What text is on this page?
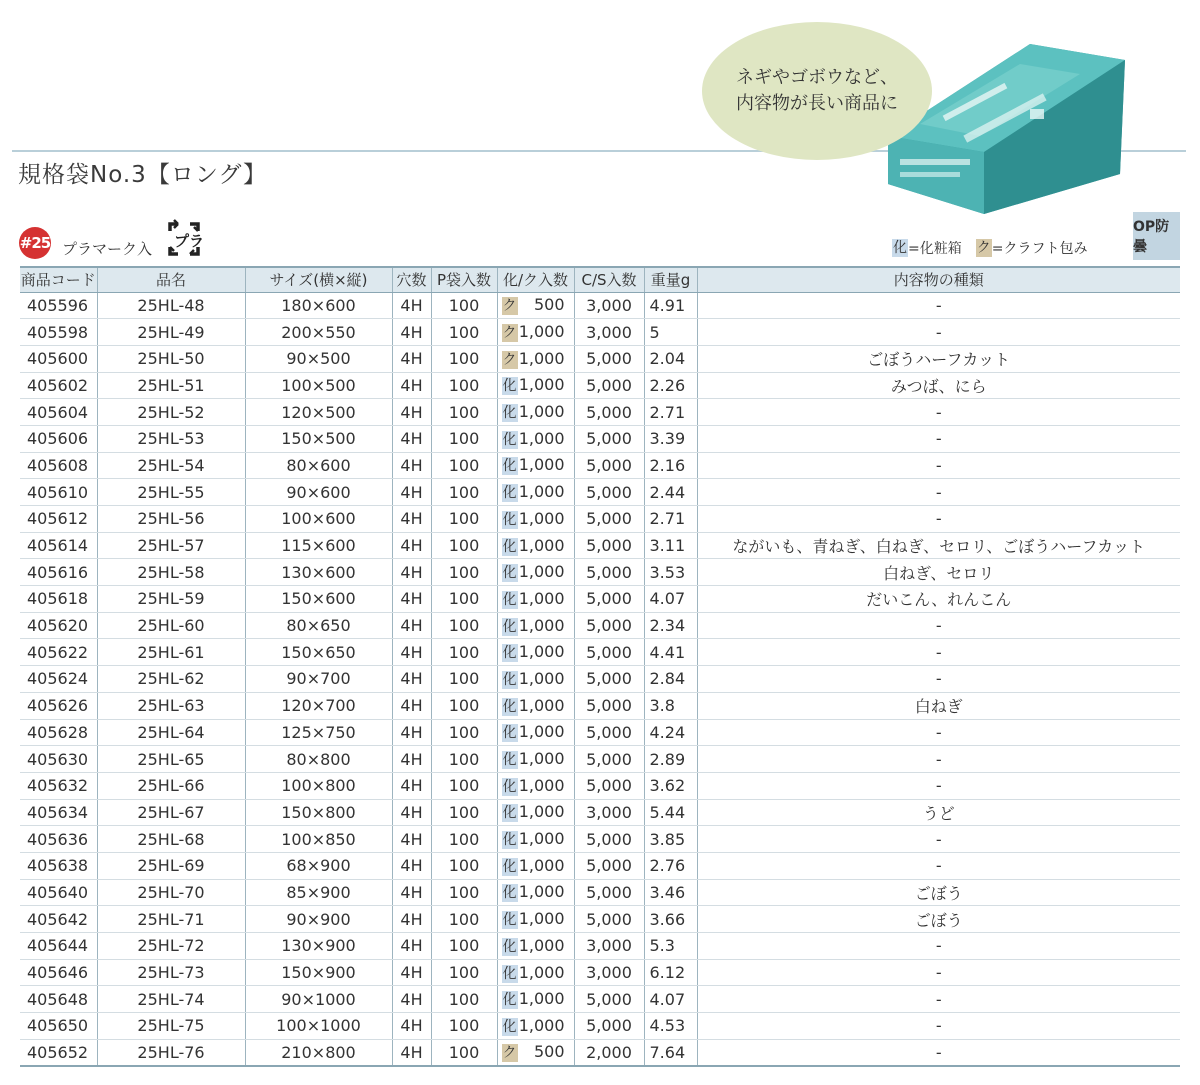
ネギやゴボウなど、
内容物が長い商品に
規格袋No.3【ロング】
#25 プラマーク入 プラ	化 =化粧箱 ク =クラフト包み
OP防曇
商品コード	品名	サイズ(横×縦)	穴数	P袋入数	化/ク入数	C/S入数	重量g	内容物の種類
405596	25HL-48	180×600	4H	100	ク 500	3,000	4.91	-
405598	25HL-49	200×550	4H	100	ク 1,000	3,000	5	-
405600	25HL-50	90×500	4H	100	ク 1,000	5,000	2.04	ごぼうハーフカット
405602	25HL-51	100×500	4H	100	化 1,000	5,000	2.26	みつば、にら
405604	25HL-52	120×500	4H	100	化 1,000	5,000	2.71	-
405606	25HL-53	150×500	4H	100	化 1,000	5,000	3.39	-
405608	25HL-54	80×600	4H	100	化 1,000	5,000	2.16	-
405610	25HL-55	90×600	4H	100	化 1,000	5,000	2.44	-
405612	25HL-56	100×600	4H	100	化 1,000	5,000	2.71	-
405614	25HL-57	115×600	4H	100	化 1,000	5,000	3.11	ながいも、青ねぎ、白ねぎ、セロリ、ごぼうハーフカット
405616	25HL-58	130×600	4H	100	化 1,000	5,000	3.53	白ねぎ、セロリ
405618	25HL-59	150×600	4H	100	化 1,000	5,000	4.07	だいこん、れんこん
405620	25HL-60	80×650	4H	100	化 1,000	5,000	2.34	-
405622	25HL-61	150×650	4H	100	化 1,000	5,000	4.41	-
405624	25HL-62	90×700	4H	100	化 1,000	5,000	2.84	-
405626	25HL-63	120×700	4H	100	化 1,000	5,000	3.8	白ねぎ
405628	25HL-64	125×750	4H	100	化 1,000	5,000	4.24	-
405630	25HL-65	80×800	4H	100	化 1,000	5,000	2.89	-
405632	25HL-66	100×800	4H	100	化 1,000	5,000	3.62	-
405634	25HL-67	150×800	4H	100	化 1,000	3,000	5.44	うど
405636	25HL-68	100×850	4H	100	化 1,000	5,000	3.85	-
405638	25HL-69	68×900	4H	100	化 1,000	5,000	2.76	-
405640	25HL-70	85×900	4H	100	化 1,000	5,000	3.46	ごぼう
405642	25HL-71	90×900	4H	100	化 1,000	5,000	3.66	ごぼう
405644	25HL-72	130×900	4H	100	化 1,000	3,000	5.3	-
405646	25HL-73	150×900	4H	100	化 1,000	3,000	6.12	-
405648	25HL-74	90×1000	4H	100	化 1,000	5,000	4.07	-
405650	25HL-75	100×1000	4H	100	化 1,000	5,000	4.53	-
405652	25HL-76	210×800	4H	100	ク 500	2,000	7.64	-
